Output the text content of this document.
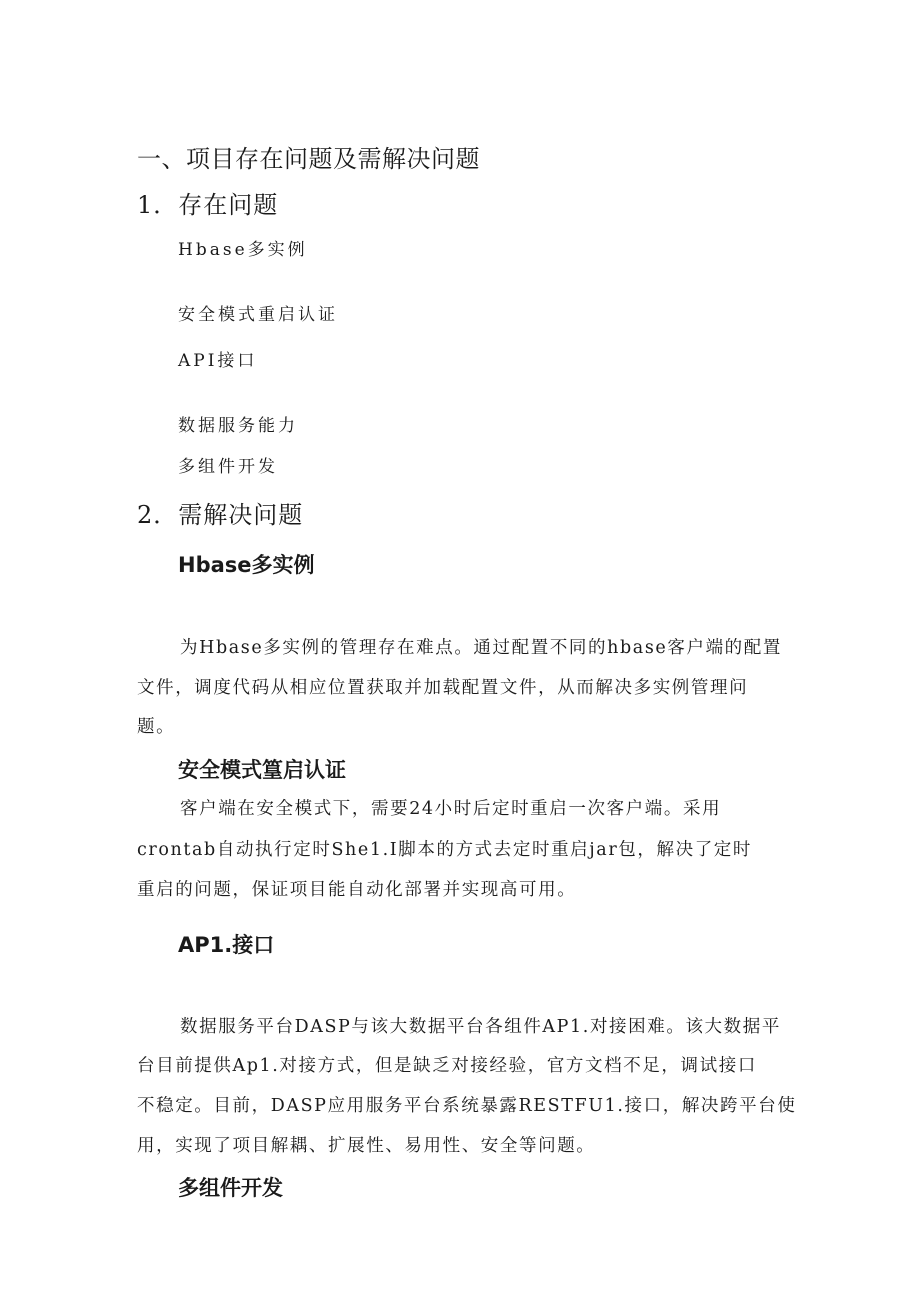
一、项目存在问题及需解决问题
1．存在问题
Hbase多实例
安全模式重启认证
API接口
数据服务能力
多组件开发
2．需解决问题
Hbase多实例
为Hbase多实例的管理存在难点。通过配置不同的hbase客户端的配置
文件，调度代码从相应位置获取并加载配置文件，从而解决多实例管理问
题。
安全模式篁启认证
客户端在安全模式下，需要24小时后定时重启一次客户端。采用
crontab自动执行定时She1.I脚本的方式去定时重启jar包，解决了定时
重启的问题，保证项目能自动化部署并实现高可用。
AP1.接口
数据服务平台DASP与该大数据平台各组件AP1.对接困难。该大数据平
台目前提供Ap1.对接方式，但是缺乏对接经验，官方文档不足，调试接口
不稳定。目前，DASP应用服务平台系统暴露RESTFU1.接口，解决跨平台使
用，实现了项目解耦、扩展性、易用性、安全等问题。
多组件开发
